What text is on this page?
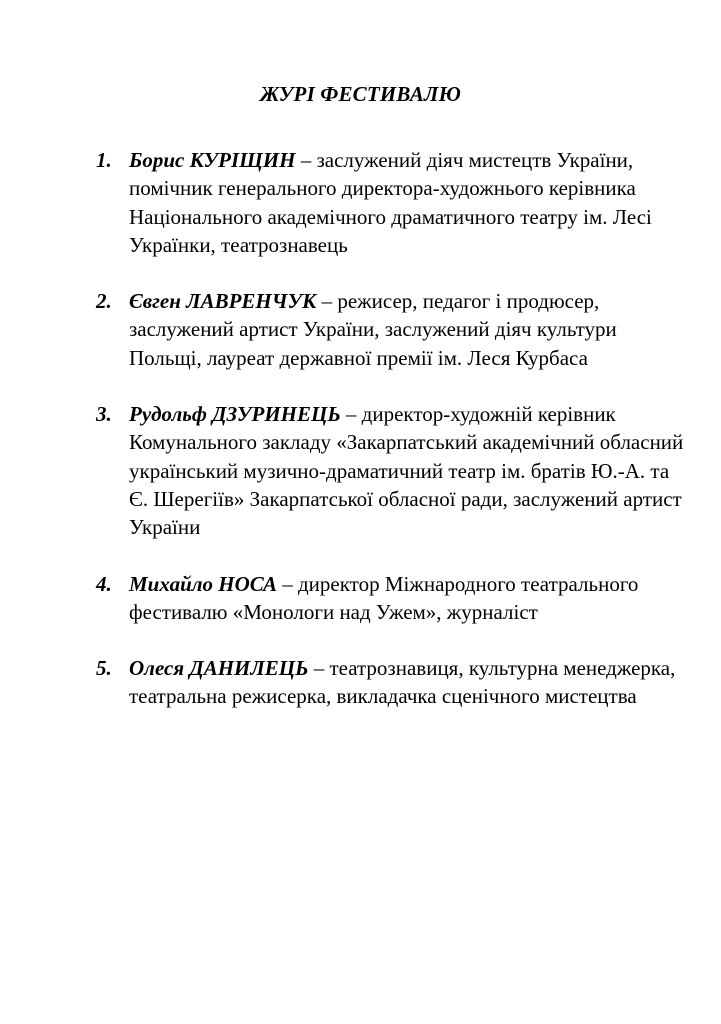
ЖУРІ ФЕСТИВАЛЮ
1. Борис КУРІЩИН – заслужений діяч мистецтв України, помічник генерального директора-художнього керівника Національного академічного драматичного театру ім. Лесі Українки, театрознавець
2. Євген ЛАВРЕНЧУК – режисер, педагог і продюсер, заслужений артист України, заслужений діяч культури Польщі, лауреат державної премії ім. Леся Курбаса
3. Рудольф ДЗУРИНЕЦЬ – директор-художній керівник Комунального закладу «Закарпатський академічний обласний український музично-драматичний театр ім. братів Ю.-А. та Є. Шерегіїв» Закарпатської обласної ради, заслужений артист України
4. Михайло НОСА – директор Міжнародного театрального фестивалю «Монологи над Ужем», журналіст
5. Олеся ДАНИЛЕЦЬ – театрознавиця, культурна менеджерка, театральна режисерка, викладачка сценічного мистецтва
